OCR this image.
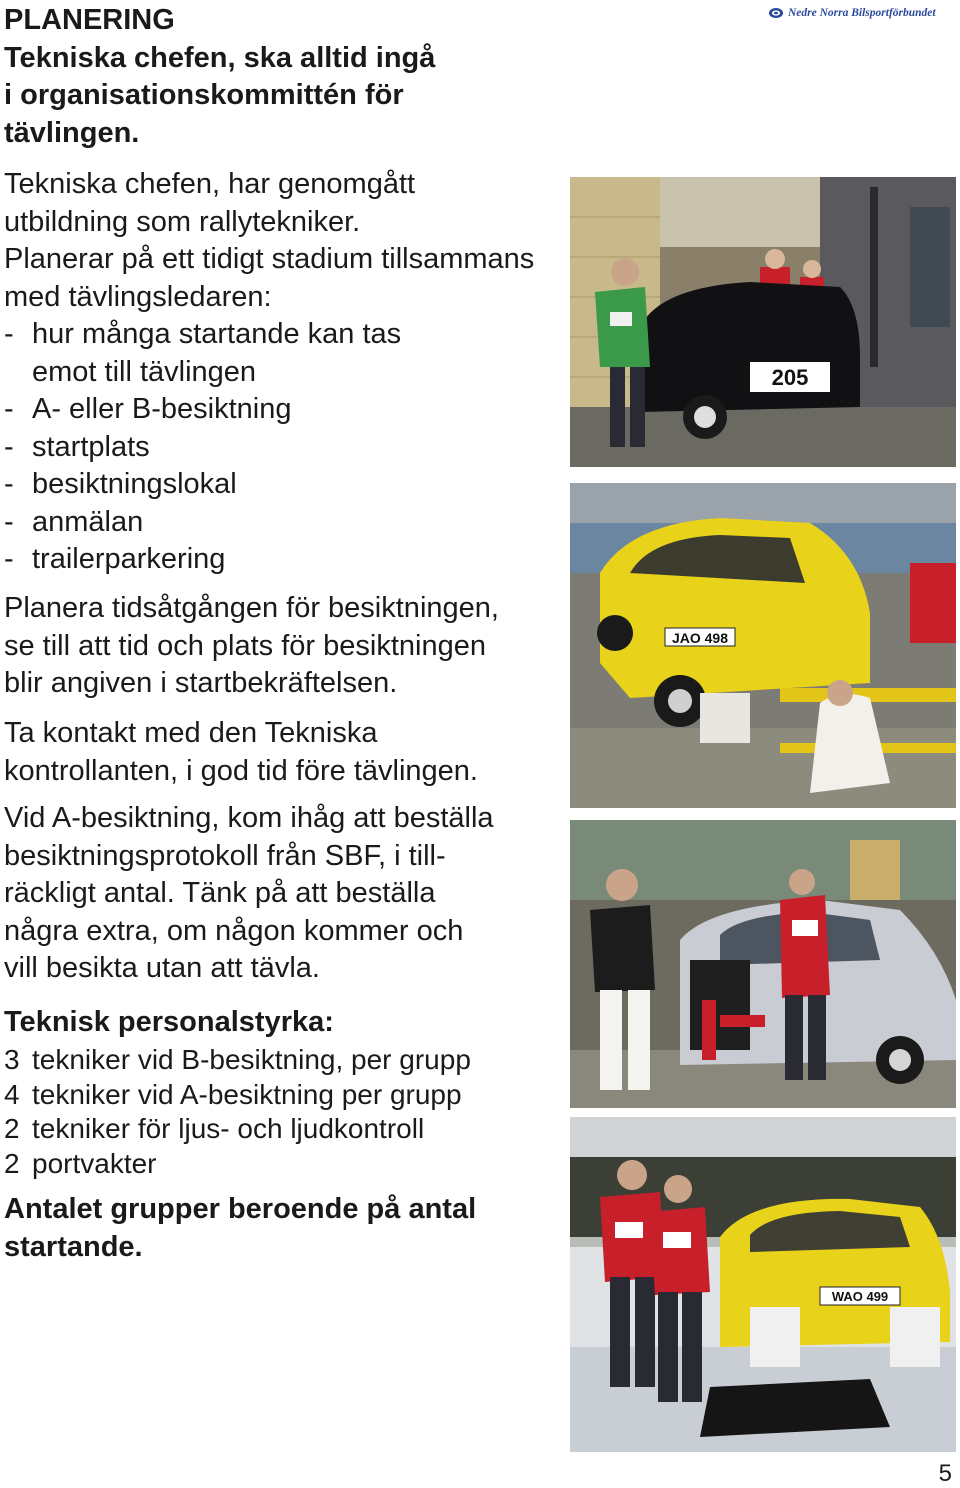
PLANERING
Tekniska chefen, ska alltid ingå
i organisationskommittén för
tävlingen.
Tekniska chefen, har genomgått
utbildning som rallytekniker.
Planerar på ett tidigt stadium tillsammans
med tävlingsledaren:
- hur många startande kan tas
emot till tävlingen
- A- eller B-besiktning
- startplats
- besiktningslokal
- anmälan
- trailerparkering
Planera tidsåtgången för besiktningen,
se till att tid och plats för besiktningen
blir angiven i startbekräftelsen.
Ta kontakt med den Tekniska
kontrollanten, i god tid före tävlingen.
Vid A-besiktning, kom ihåg att beställa
besiktningsprotokoll från SBF, i till-
räckligt antal. Tänk på att beställa
några extra, om någon kommer och
vill besikta utan att tävla.
Teknisk personalstyrka:
3 tekniker vid B-besiktning, per grupp
4 tekniker vid A-besiktning per grupp
2 tekniker för ljus- och ljudkontroll
2 portvakter
Antalet grupper beroende på antal
startande.
Nedre Norra Bilsportförbundet
205
JAO 498
WAO 499
5
